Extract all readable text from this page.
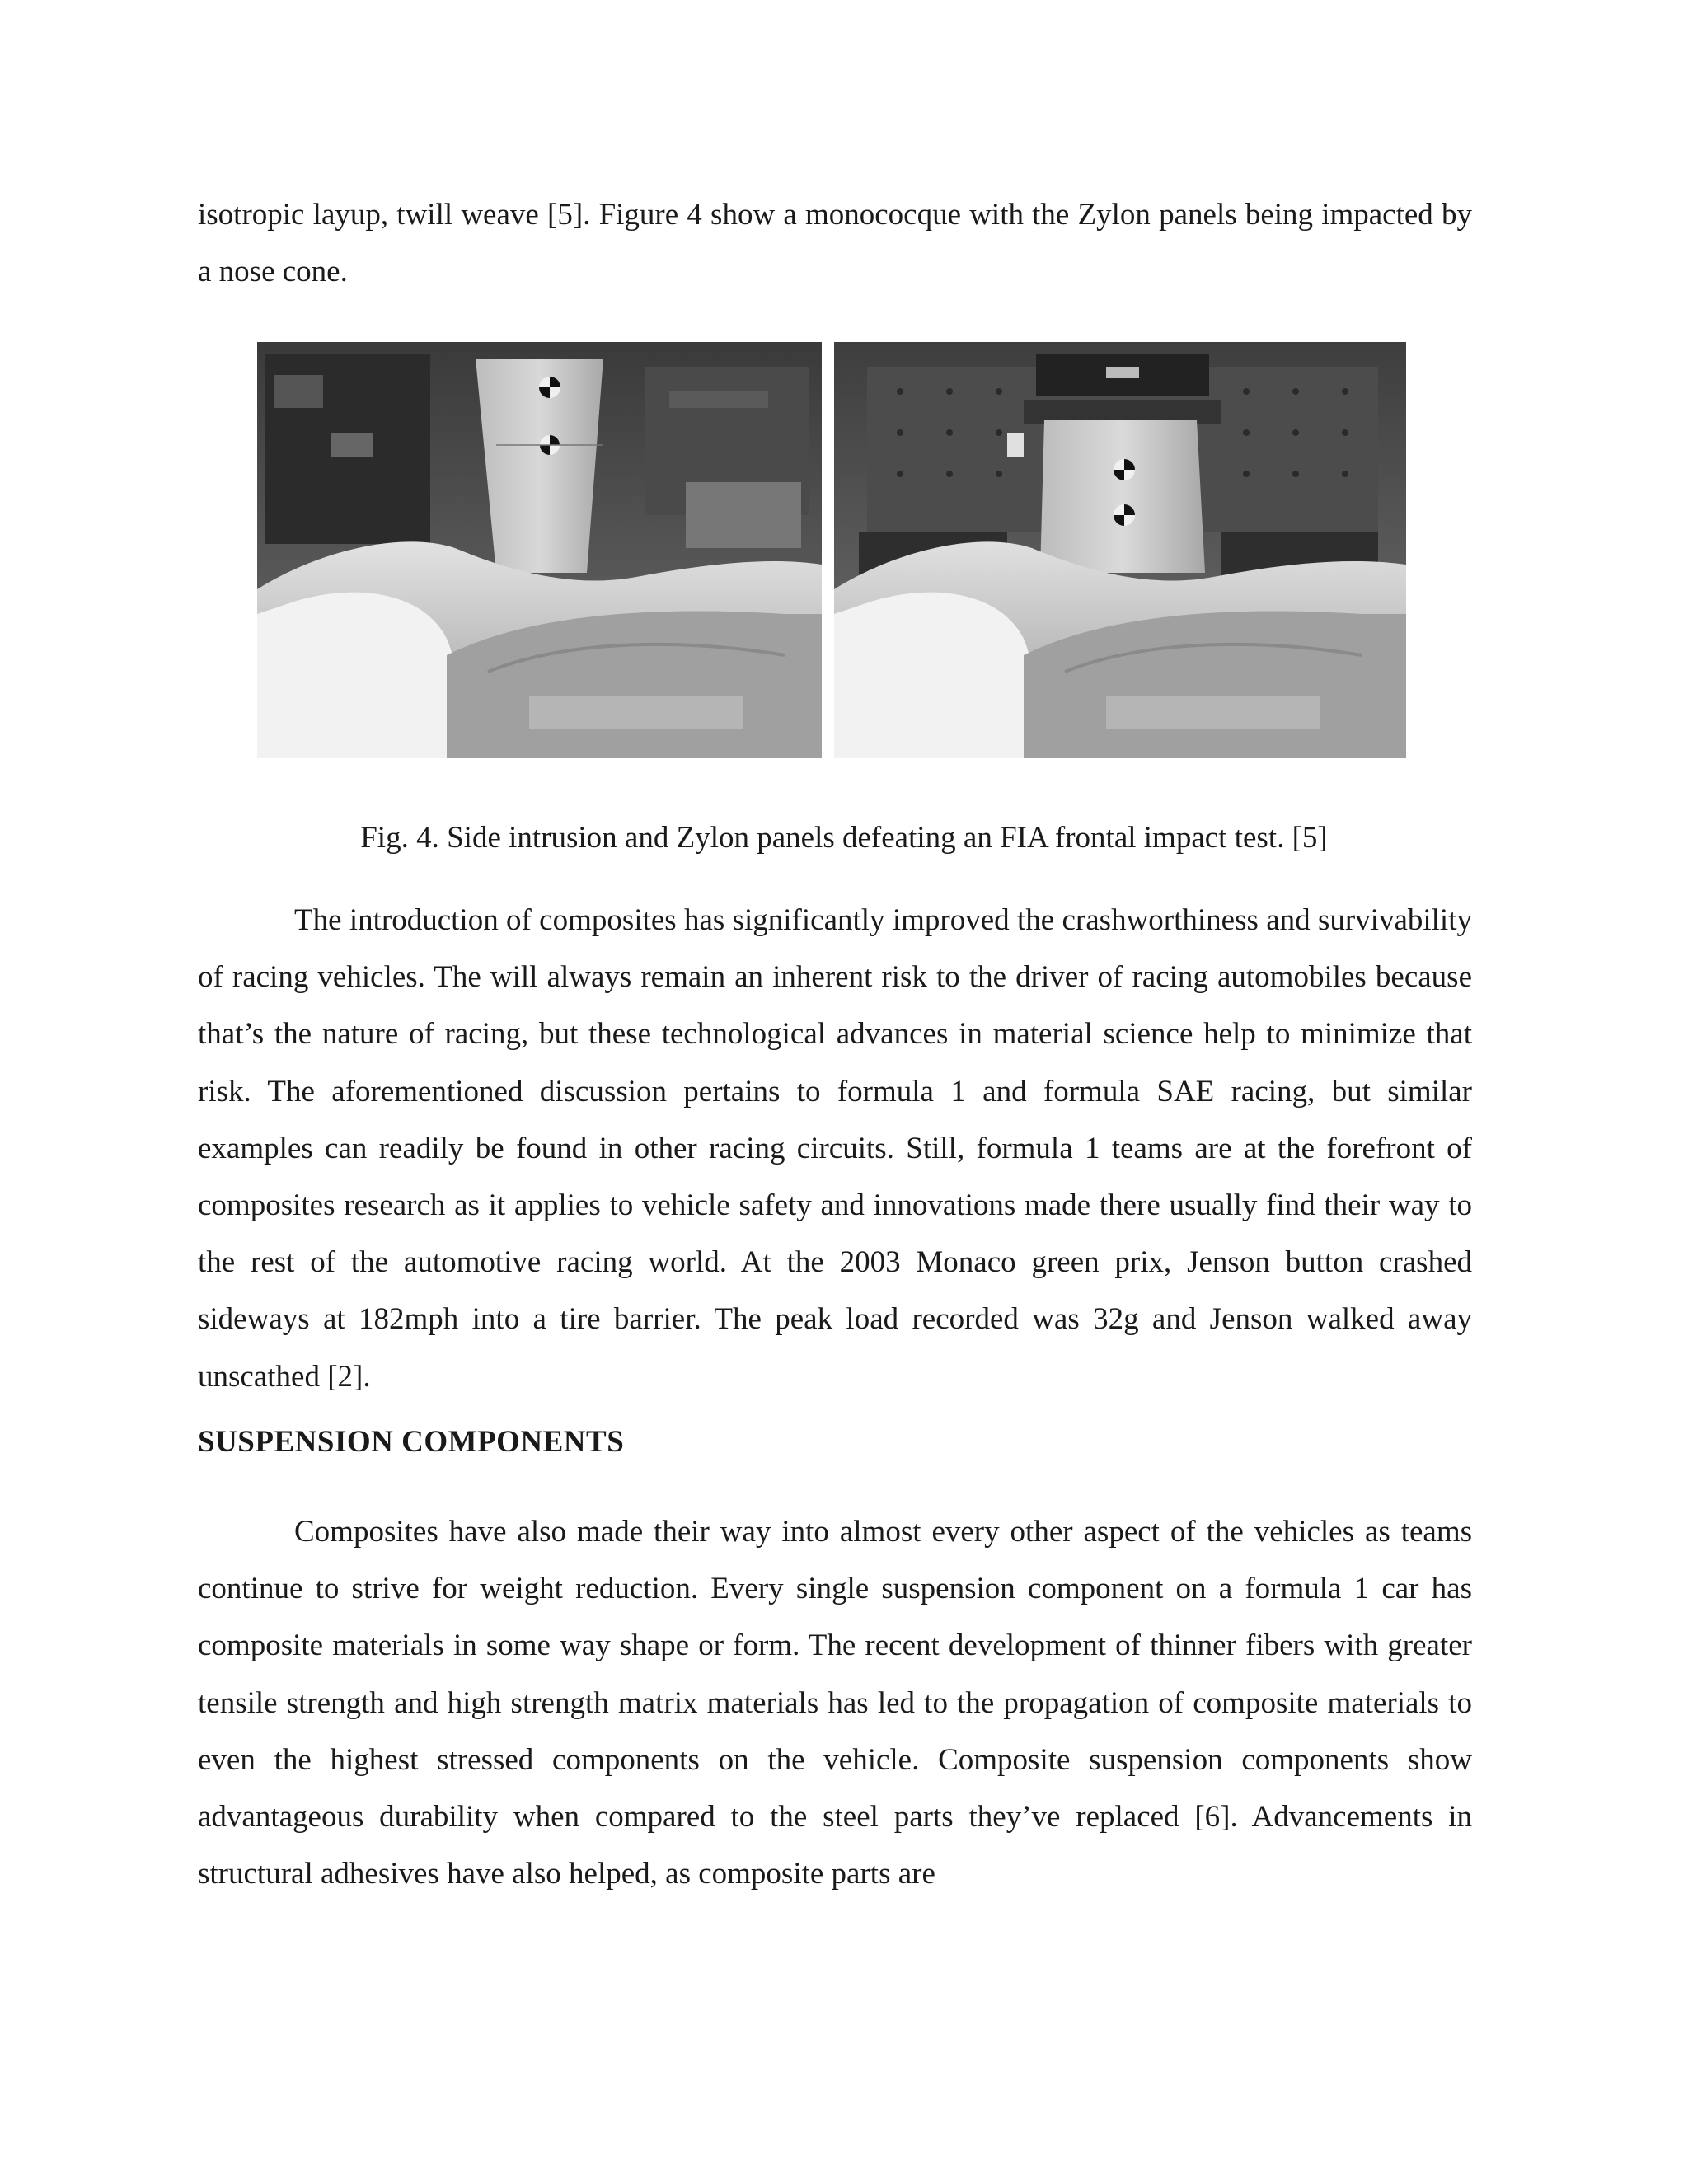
isotropic layup, twill weave [5]. Figure 4 show a monococque with the Zylon panels being impacted by a nose cone.

Fig. 4. Side intrusion and Zylon panels defeating an FIA frontal impact test. [5]

The introduction of composites has significantly improved the crashworthiness and survivability of racing vehicles. The will always remain an inherent risk to the driver of racing automobiles because that’s the nature of racing, but these technological advances in material science help to minimize that risk. The aforementioned discussion pertains to formula 1 and formula SAE racing, but similar examples can readily be found in other racing circuits. Still, formula 1 teams are at the forefront of composites research as it applies to vehicle safety and innovations made there usually find their way to the rest of the automotive racing world. At the 2003 Monaco green prix, Jenson button crashed sideways at 182mph into a tire barrier. The peak load recorded was 32g and Jenson walked away unscathed [2].

SUSPENSION COMPONENTS

Composites have also made their way into almost every other aspect of the vehicles as teams continue to strive for weight reduction. Every single suspension component on a formula 1 car has composite materials in some way shape or form. The recent development of thinner fibers with greater tensile strength and high strength matrix materials has led to the propagation of composite materials to even the highest stressed components on the vehicle. Composite suspension components show advantageous durability when compared to the steel parts they’ve replaced [6]. Advancements in structural adhesives have also helped, as composite parts are
